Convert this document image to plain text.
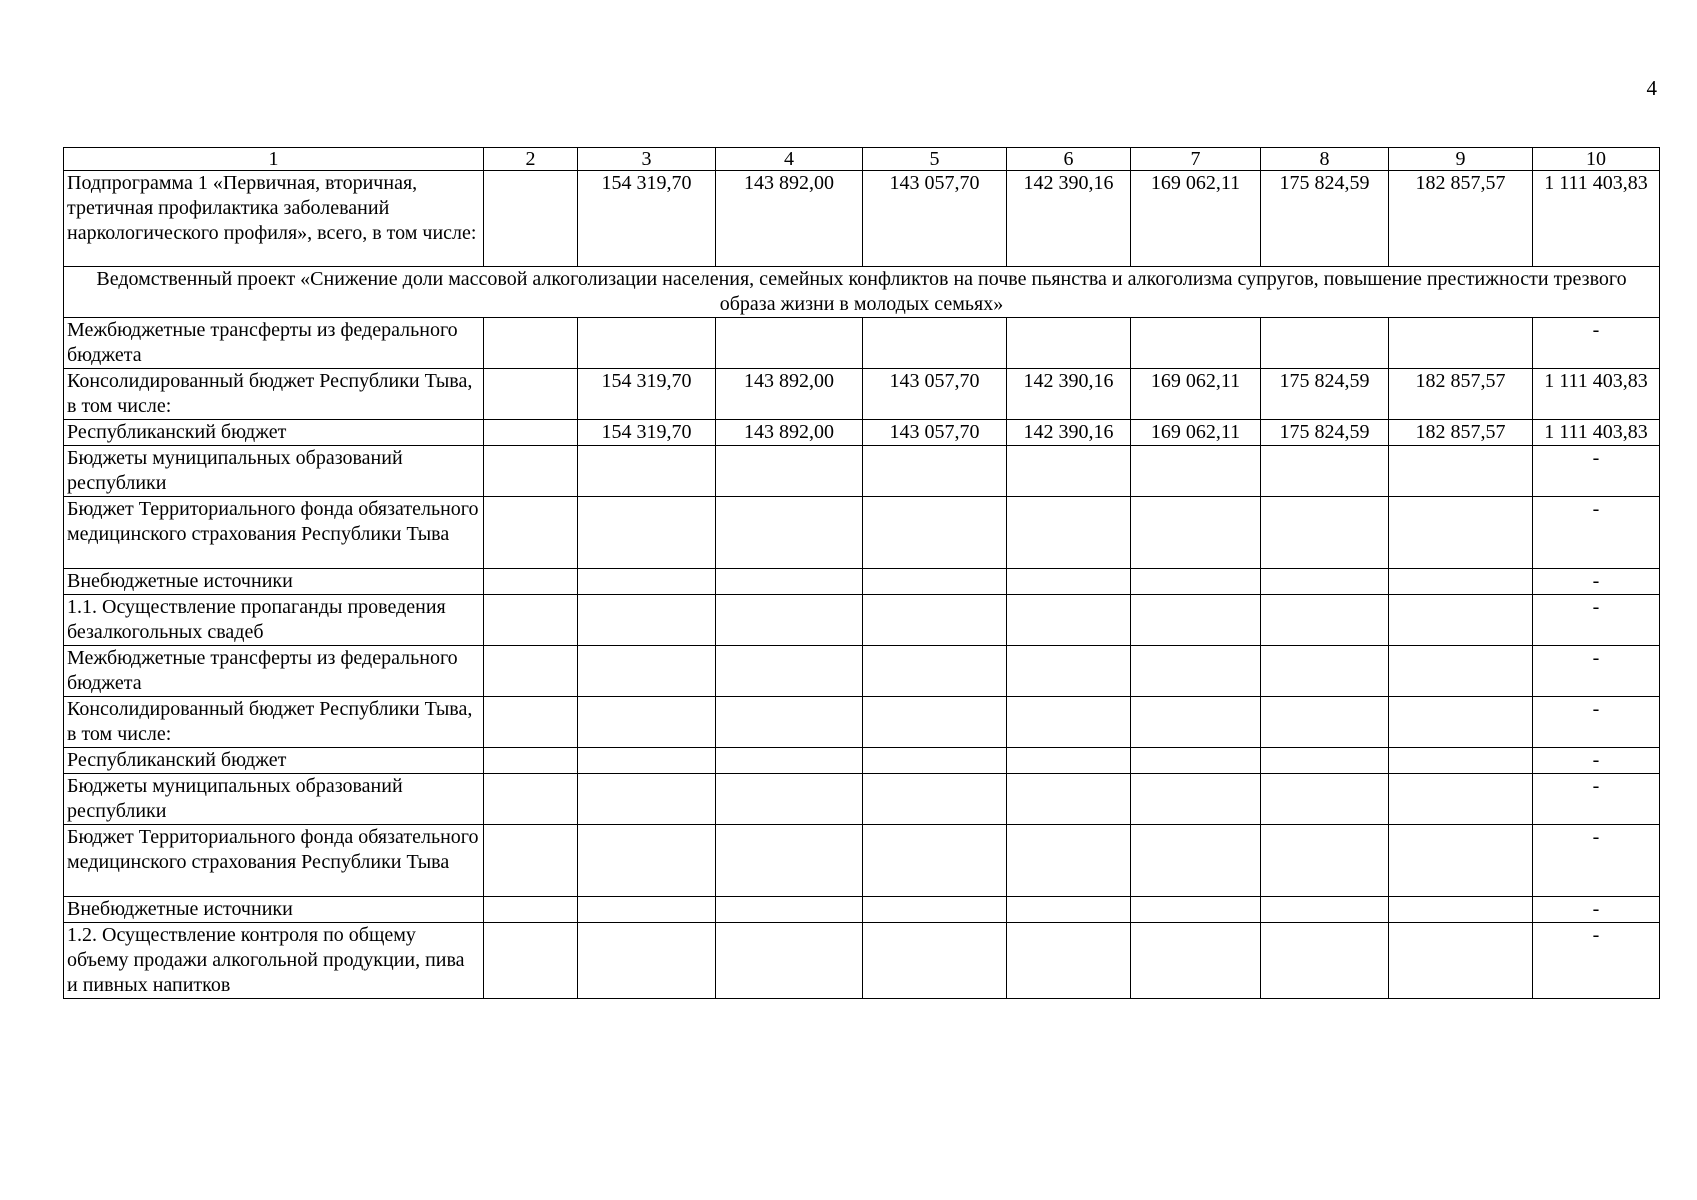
4
1	2	3	4	5	6	7	8	9	10
Подпрограмма 1 «Первичная, вторичная, третичная профилактика заболеваний наркологического профиля», всего, в том числе:		154 319,70	143 892,00	143 057,70	142 390,16	169 062,11	175 824,59	182 857,57	1 111 403,83
Ведомственный проект «Снижение доли массовой алкоголизации населения, семейных конфликтов на почве пьянства и алкоголизма супругов, повышение престижности трезвого образа жизни в молодых семьях»									
Межбюджетные трансферты из федерального бюджета									-
Консолидированный бюджет Республики Тыва, в том числе:		154 319,70	143 892,00	143 057,70	142 390,16	169 062,11	175 824,59	182 857,57	1 111 403,83
Республиканский бюджет		154 319,70	143 892,00	143 057,70	142 390,16	169 062,11	175 824,59	182 857,57	1 111 403,83
Бюджеты муниципальных образований республики									-
Бюджет Территориального фонда обязательного медицинского страхования Республики Тыва									-
Внебюджетные источники									-
1.1. Осуществление пропаганды проведения безалкогольных свадеб									-
Межбюджетные трансферты из федерального бюджета									-
Консолидированный бюджет Республики Тыва, в том числе:									-
Республиканский бюджет									-
Бюджеты муниципальных образований республики									-
Бюджет Территориального фонда обязательного медицинского страхования Республики Тыва									-
Внебюджетные источники									-
1.2. Осуществление контроля по общему объему продажи алкогольной продукции, пива и пивных напитков									-
